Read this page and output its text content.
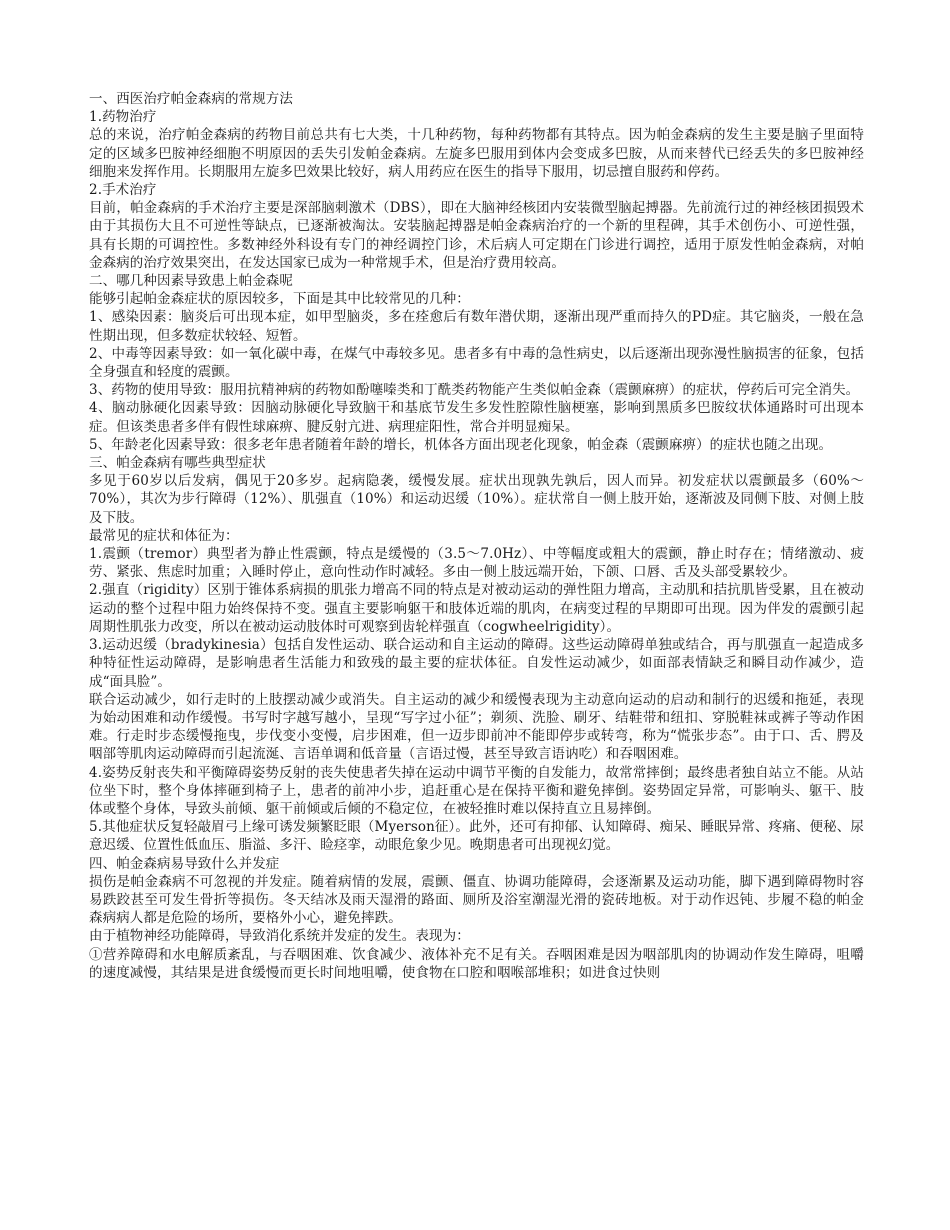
一、西医治疗帕金森病的常规方法

1.药物治疗

总的来说，治疗帕金森病的药物目前总共有七大类，十几种药物，每种药物都有其特点。因为帕金森病的发生主要是脑子里面特定的区域多巴胺神经细胞不明原因的丢失引发帕金森病。左旋多巴服用到体内会变成多巴胺，从而来替代已经丢失的多巴胺神经细胞来发挥作用。长期服用左旋多巴效果比较好，病人用药应在医生的指导下服用，切忌擅自服药和停药。

2.手术治疗

目前，帕金森病的手术治疗主要是深部脑刺激术（DBS），即在大脑神经核团内安装微型脑起搏器。先前流行过的神经核团损毁术由于其损伤大且不可逆性等缺点，已逐渐被淘汰。安装脑起搏器是帕金森病治疗的一个新的里程碑，其手术创伤小、可逆性强，具有长期的可调控性。多数神经外科设有专门的神经调控门诊，术后病人可定期在门诊进行调控，适用于原发性帕金森病，对帕金森病的治疗效果突出，在发达国家已成为一种常规手术，但是治疗费用较高。

二、哪几种因素导致患上帕金森呢

能够引起帕金森症状的原因较多，下面是其中比较常见的几种：

1、感染因素：脑炎后可出现本症，如甲型脑炎，多在痊愈后有数年潜伏期，逐渐出现严重而持久的PD症。其它脑炎，一般在急性期出现，但多数症状较轻、短暂。

2、中毒等因素导致：如一氧化碳中毒，在煤气中毒较多见。患者多有中毒的急性病史，以后逐渐出现弥漫性脑损害的征象，包括全身强直和轻度的震颤。

3、药物的使用导致：服用抗精神病的药物如酚噻嗪类和丁酰类药物能产生类似帕金森（震颤麻痹）的症状，停药后可完全消失。

4、脑动脉硬化因素导致：因脑动脉硬化导致脑干和基底节发生多发性腔隙性脑梗塞，影响到黑质多巴胺纹状体通路时可出现本症。但该类患者多伴有假性球麻痹、腱反射亢进、病理症阳性，常合并明显痴呆。

5、年龄老化因素导致：很多老年患者随着年龄的增长，机体各方面出现老化现象，帕金森（震颤麻痹）的症状也随之出现。

三、帕金森病有哪些典型症状

多见于60岁以后发病，偶见于20多岁。起病隐袭，缓慢发展。症状出现孰先孰后，因人而异。初发症状以震颤最多（60%～70%），其次为步行障碍（12%）、肌强直（10%）和运动迟缓（10%）。症状常自一侧上肢开始，逐渐波及同侧下肢、对侧上肢及下肢。

最常见的症状和体征为：

1.震颤（tremor）典型者为静止性震颤，特点是缓慢的（3.5～7.0Hz）、中等幅度或粗大的震颤，静止时存在；情绪激动、疲劳、紧张、焦虑时加重；入睡时停止，意向性动作时减轻。多由一侧上肢远端开始，下颌、口唇、舌及头部受累较少。

2.强直（rigidity）区别于锥体系病损的肌张力增高不同的特点是对被动运动的弹性阻力增高，主动肌和拮抗肌皆受累，且在被动运动的整个过程中阻力始终保持不变。强直主要影响躯干和肢体近端的肌肉，在病变过程的早期即可出现。因为伴发的震颤引起周期性肌张力改变，所以在被动运动肢体时可观察到齿轮样强直（cogwheelrigidity）。

3.运动迟缓（bradykinesia）包括自发性运动、联合运动和自主运动的障碍。这些运动障碍单独或结合，再与肌强直一起造成多种特征性运动障碍，是影响患者生活能力和致残的最主要的症状体征。自发性运动减少，如面部表情缺乏和瞬目动作减少，造成“面具脸”。

联合运动减少，如行走时的上肢摆动减少或消失。自主运动的减少和缓慢表现为主动意向运动的启动和制行的迟缓和拖延，表现为始动困难和动作缓慢。书写时字越写越小，呈现“写字过小征”；剃须、洗脸、刷牙、结鞋带和纽扣、穿脱鞋袜或裤子等动作困难。行走时步态缓慢拖曳，步伐变小变慢，启步困难，但一迈步即前冲不能即停步或转弯，称为“慌张步态”。由于口、舌、腭及咽部等肌肉运动障碍而引起流涎、言语单调和低音量（言语过慢，甚至导致言语讷吃）和吞咽困难。

4.姿势反射丧失和平衡障碍姿势反射的丧失使患者失掉在运动中调节平衡的自发能力，故常常摔倒；最终患者独自站立不能。从站位坐下时，整个身体摔砸到椅子上，患者的前冲小步，追赶重心是在保持平衡和避免摔倒。姿势固定异常，可影响头、躯干、肢体或整个身体，导致头前倾、躯干前倾或后倾的不稳定位，在被轻推时难以保持直立且易摔倒。

5.其他症状反复轻敲眉弓上缘可诱发频繁眨眼（Myerson征）。此外，还可有抑郁、认知障碍、痴呆、睡眠异常、疼痛、便秘、尿意迟缓、位置性低血压、脂溢、多汗、睑痉挛，动眼危象少见。晚期患者可出现视幻觉。

四、帕金森病易导致什么并发症

损伤是帕金森病不可忽视的并发症。随着病情的发展，震颤、僵直、协调功能障碍，会逐渐累及运动功能，脚下遇到障碍物时容易跌跤甚至可发生骨折等损伤。冬天结冰及雨天湿滑的路面、厕所及浴室潮湿光滑的瓷砖地板。对于动作迟钝、步履不稳的帕金森病病人都是危险的场所，要格外小心，避免摔跌。

由于植物神经功能障碍，导致消化系统并发症的发生。表现为：

①营养障碍和水电解质紊乱，与吞咽困难、饮食减少、液体补充不足有关。吞咽困难是因为咽部肌肉的协调动作发生障碍，咀嚼的速度减慢，其结果是进食缓慢而更长时间地咀嚼，使食物在口腔和咽喉部堆积；如进食过快则
